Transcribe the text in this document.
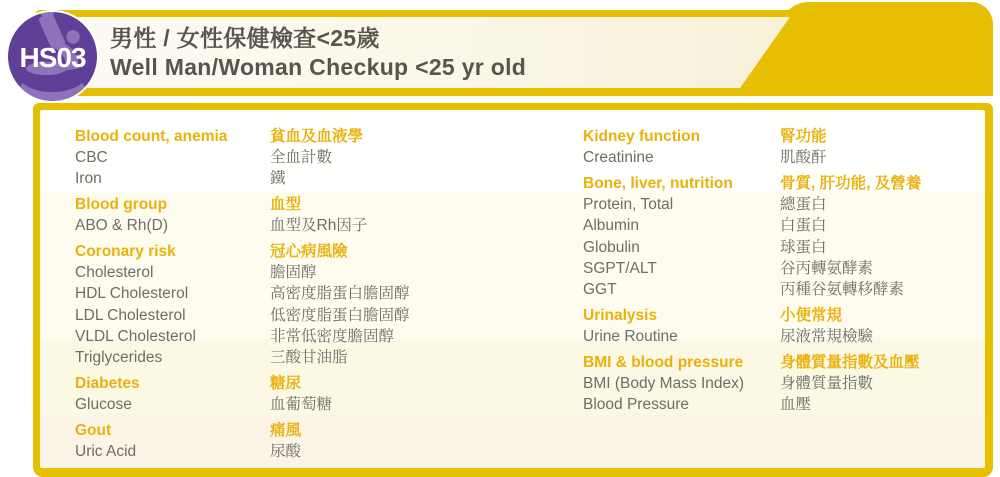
男性 / 女性保健檢查<25歲
Well Man/Woman Checkup <25 yr old
HS03
Blood count, anemia	貧血及血液學
CBC	全血計數
Iron	鐵
Blood group	血型
ABO & Rh(D)	血型及Rh因子
Coronary risk	冠心病風險
Cholesterol	膽固醇
HDL Cholesterol	高密度脂蛋白膽固醇
LDL Cholesterol	低密度脂蛋白膽固醇
VLDL Cholesterol	非常低密度膽固醇
Triglycerides	三酸甘油脂
Diabetes	糖尿
Glucose	血葡萄糖
Gout	痛風
Uric Acid	尿酸
Kidney function	腎功能
Creatinine	肌酸酐
Bone, liver, nutrition	骨質, 肝功能, 及營養
Protein, Total	總蛋白
Albumin	白蛋白
Globulin	球蛋白
SGPT/ALT	谷丙轉氨酵素
GGT	丙種谷氨轉移酵素
Urinalysis	小便常規
Urine Routine	尿液常規檢驗
BMI & blood pressure	身體質量指數及血壓
BMI (Body Mass Index)	身體質量指數
Blood Pressure	血壓
